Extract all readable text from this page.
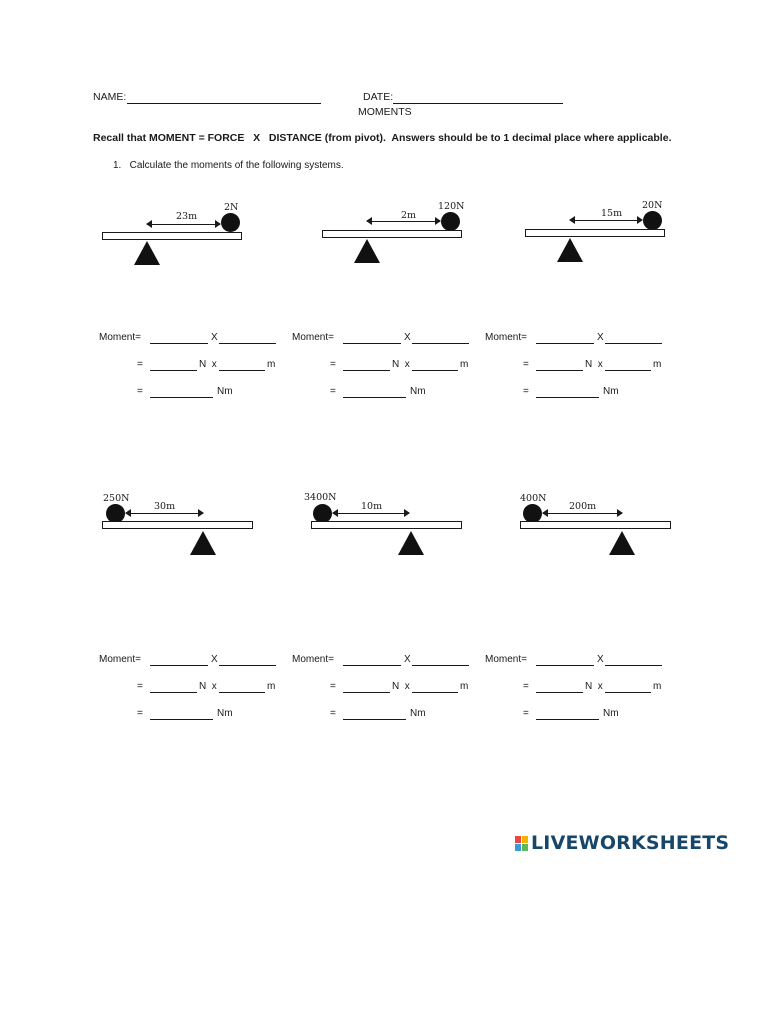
NAME:	DATE:
MOMENTS
Recall that MOMENT = FORCE   X   DISTANCE (from pivot).  Answers should be to 1 decimal place where applicable.
1.   Calculate the moments of the following systems.
2N
23m
120N
2m
20N
15m
Moment=	X
=	N  x	m
=	Nm
Moment=	X
=	N  x	m
=	Nm
Moment=	X
=	N  x	m
=	Nm
250N
30m
3400N
10m
400N
200m
Moment=	X
=	N  x	m
=	Nm
Moment=	X
=	N  x	m
=	Nm
Moment=	X
=	N  x	m
=	Nm
LIVEWORKSHEETS
